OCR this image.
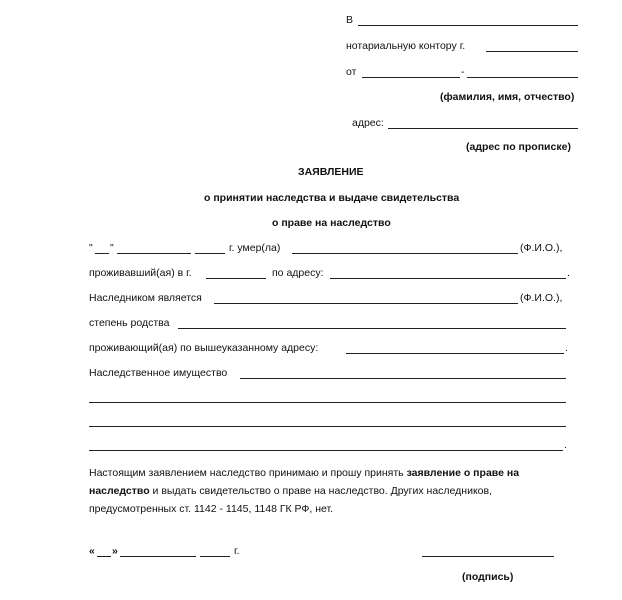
В
нотариальную контору г.
от	-
(фамилия, имя, отчество)
адрес:
(адрес по прописке)
ЗАЯВЛЕНИЕ
о принятии наследства и выдаче свидетельства
о праве на наследство
" "	г. умер(ла)	(Ф.И.О.),
проживавший(ая) в г.	по адресу:	.
Наследником является	(Ф.И.О.),
степень родства
проживающий(ая) по вышеуказанному адресу:	.
Наследственное имущество
.
Настоящим заявлением наследство принимаю и прошу принять заявление о праве на наследство и выдать свидетельство о праве на наследство. Других наследников, предусмотренных ст. 1142 - 1145, 1148 ГК РФ, нет.
« »	г.
(подпись)
